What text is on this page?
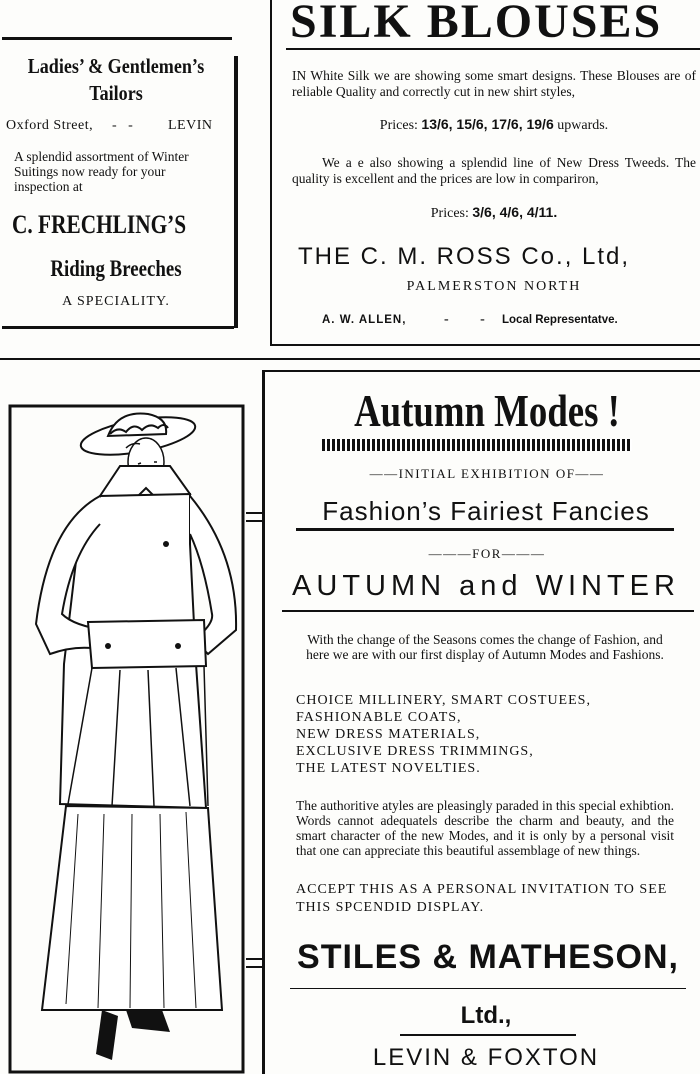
Ladies’ & Gentlemen’s
Tailors
Oxford Street, - - LEVIN
A splendid assortment of Winter Suitings now ready for your inspection at
C. FRECHLING’S
Riding Breeches
A SPECIALITY.
SILK BLOUSES
IN White Silk we are showing some smart designs. These Blouses are of reliable Quality and correctly cut in new shirt styles,
Prices: 13/6, 15/6, 17/6, 19/6 upwards.
We a e also showing a splendid line of New Dress Tweeds. The quality is excellent and the prices are low in compariron,
Prices: 3/6, 4/6, 4/11.
THE C. M. ROSS Co., Ltd,
PALMERSTON NORTH
A. W. ALLEN,	- - Local Representatve.
Autumn Modes !
——INITIAL EXHIBITION OF——
Fashion’s Fairiest Fancies
———FOR———
AUTUMN and WINTER
With the change of the Seasons comes the change of Fashion, and here we are with our first display of Autumn Modes and Fashions.
CHOICE MILLINERY, SMART COSTUEES,
FASHIONABLE COATS,
NEW DRESS MATERIALS,
EXCLUSIVE DRESS TRIMMINGS,
THE LATEST NOVELTIES.
The authoritive atyles are pleasingly paraded in this special exhibtion. Words cannot adequatels describe the charm and beauty, and the smart character of the new Modes, and it is only by a personal visit that one can appreciate this beautiful assemblage of new things.
ACCEPT THIS AS A PERSONAL INVITATION TO SEE THIS SPCENDID DISPLAY.
STILES & MATHESON,
Ltd.,
LEVIN & FOXTON
